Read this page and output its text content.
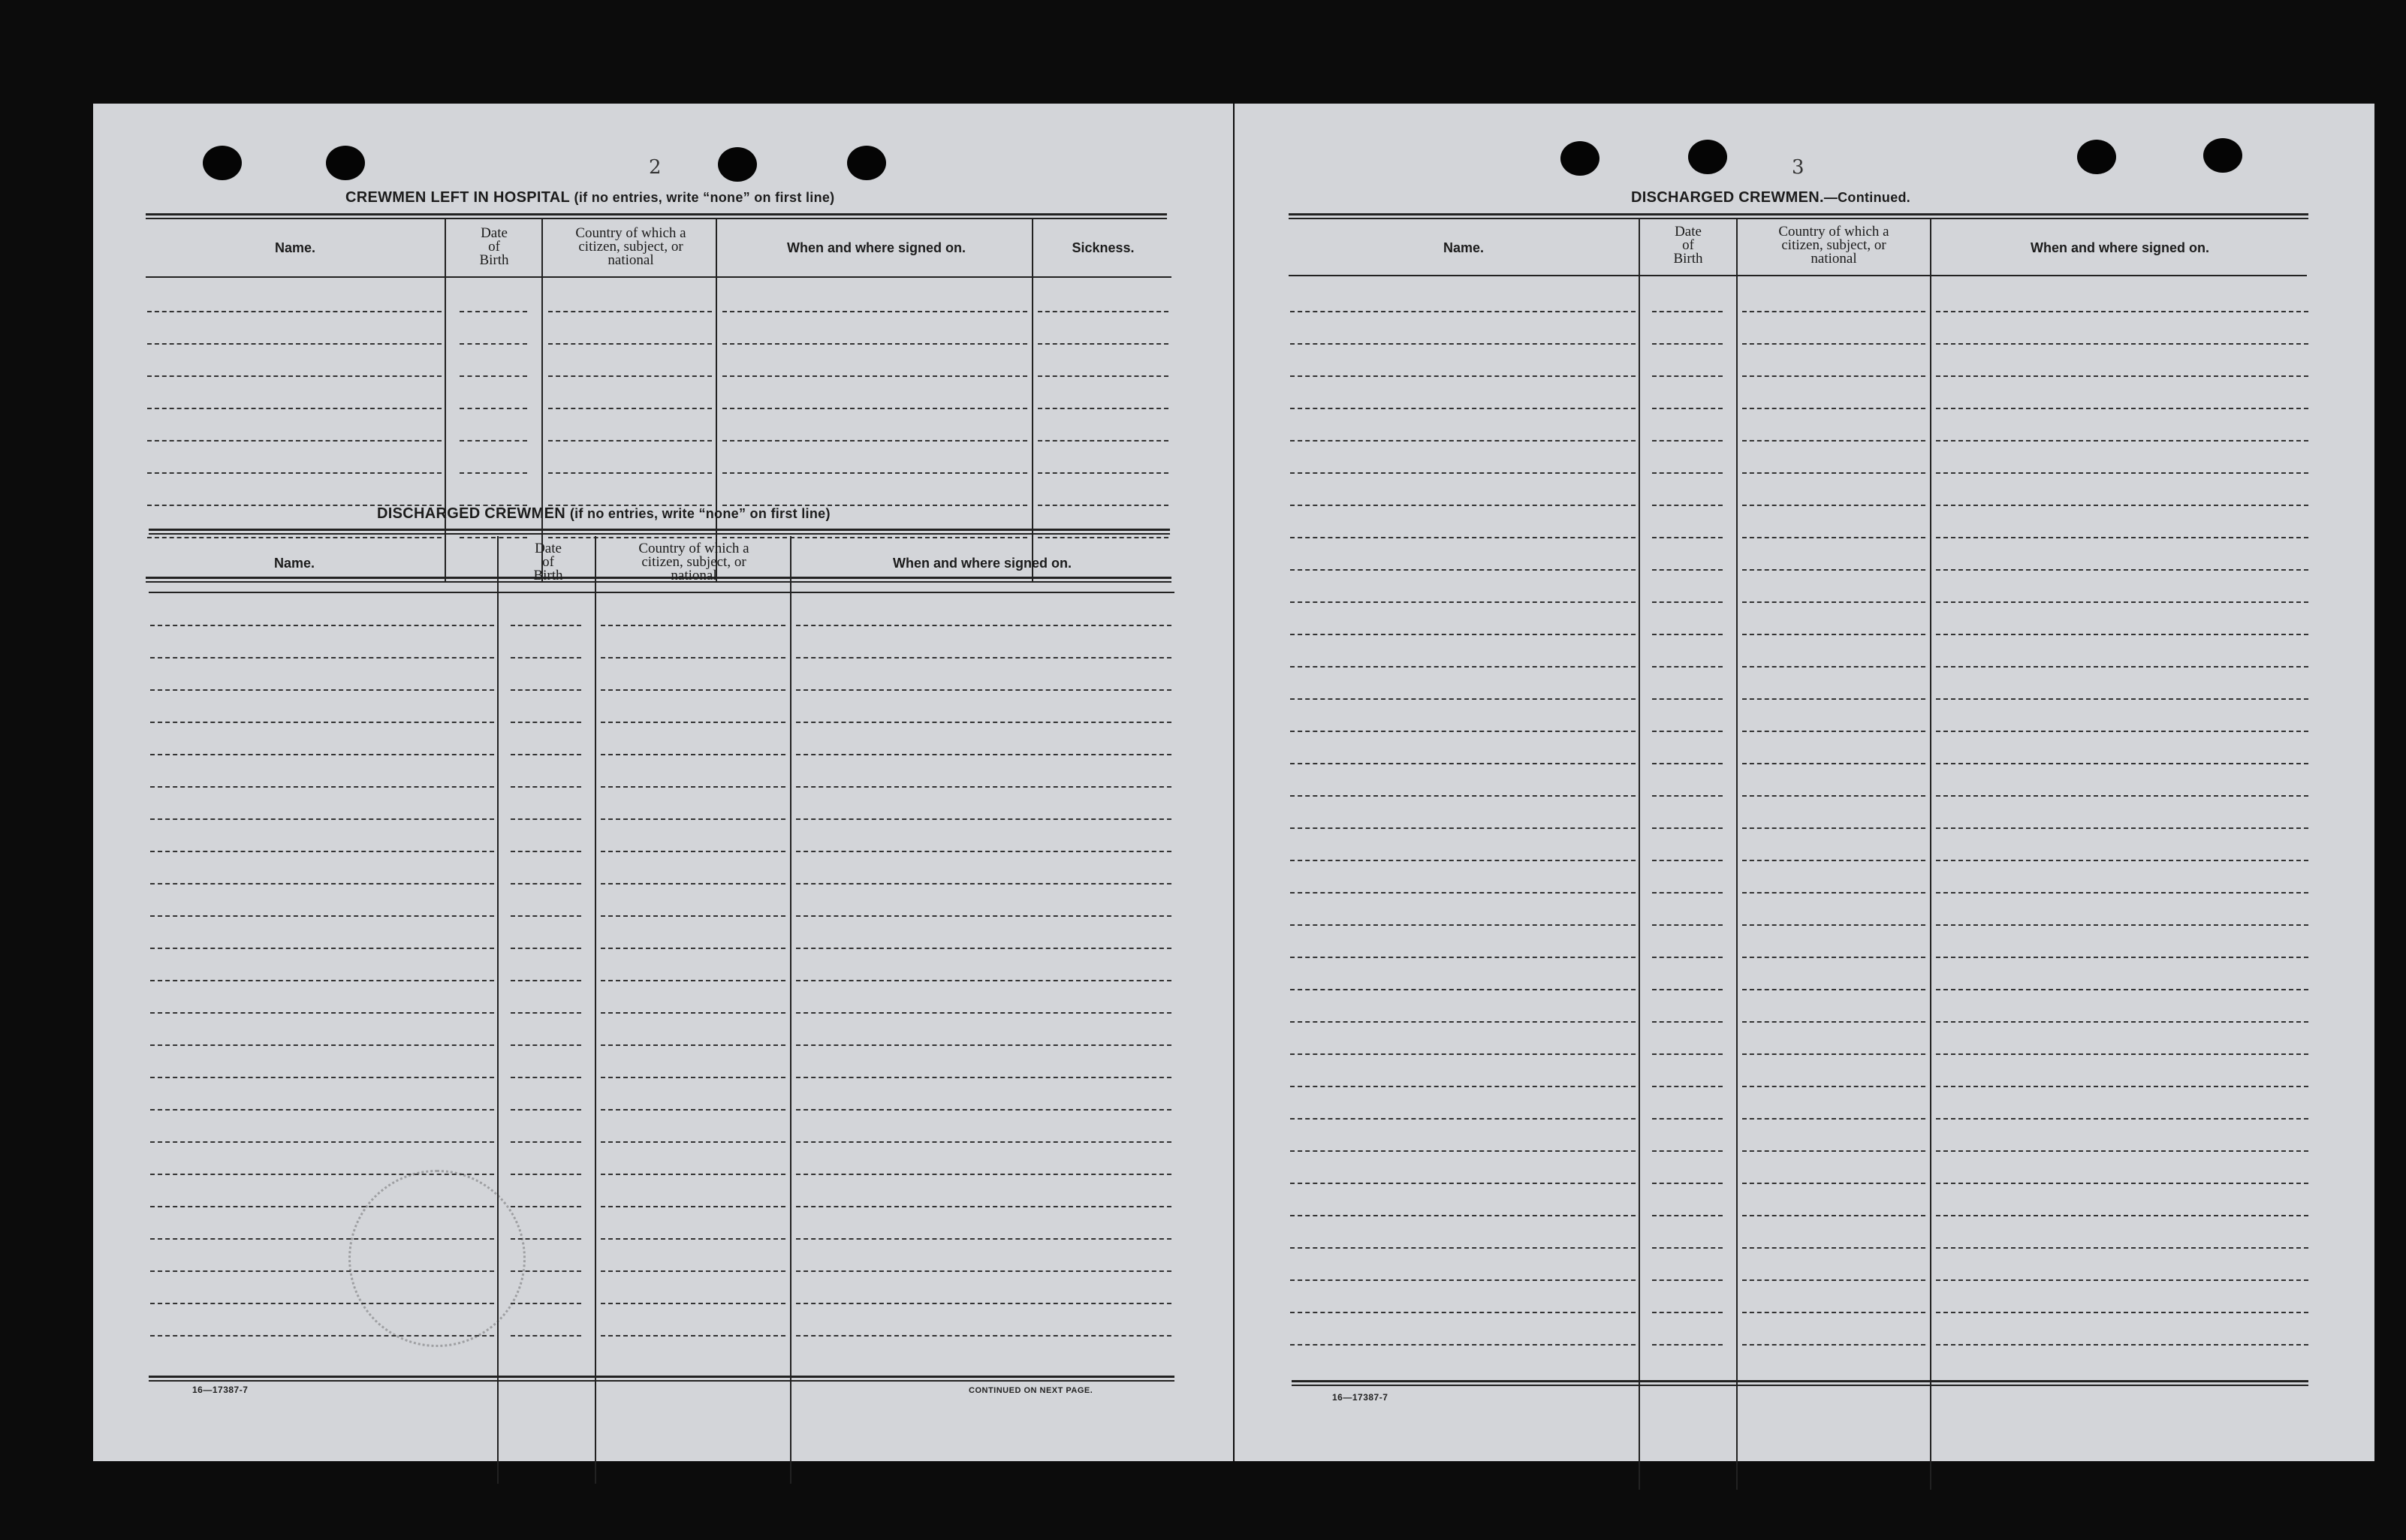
2
CREWMEN LEFT IN HOSPITAL (if no entries, write “none” on first line)
Name.
Date
of
Birth
Country of which a
citizen, subject, or
national
When and where signed on.	Sickness.
DISCHARGED CREWMEN (if no entries, write “none” on first line)
Name.
Date
of
Birth
Country of which a
citizen, subject, or
national
When and where signed on.
16—17387-7	CONTINUED ON NEXT PAGE.
3
DISCHARGED CREWMEN.—Continued.
Name.
Date
of
Birth
Country of which a
citizen, subject, or
national
When and where signed on.
16—17387-7
